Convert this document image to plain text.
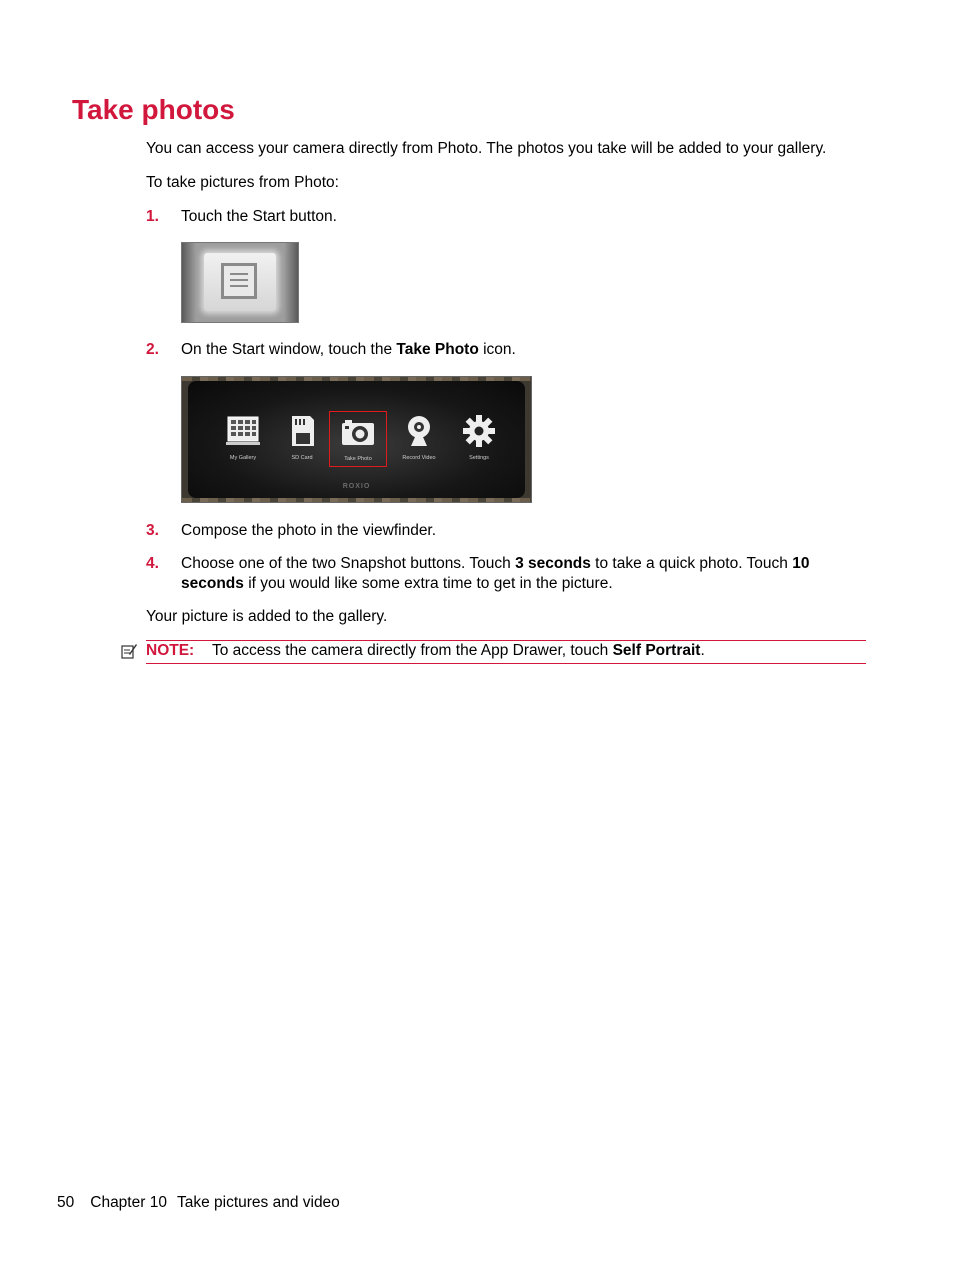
Take photos

You can access your camera directly from Photo. The photos you take will be added to your gallery.

To take pictures from Photo:

1. Touch the Start button.
2. On the Start window, touch the Take Photo icon.
My Gallery	SD Card	Take Photo	Record Video	Settings
ROXIO
3. Compose the photo in the viewfinder.
4. Choose one of the two Snapshot buttons. Touch 3 seconds to take a quick photo. Touch 10 seconds if you would like some extra time to get in the picture.

Your picture is added to the gallery.

NOTE: To access the camera directly from the App Drawer, touch Self Portrait.
50 Chapter 10 Take pictures and video
